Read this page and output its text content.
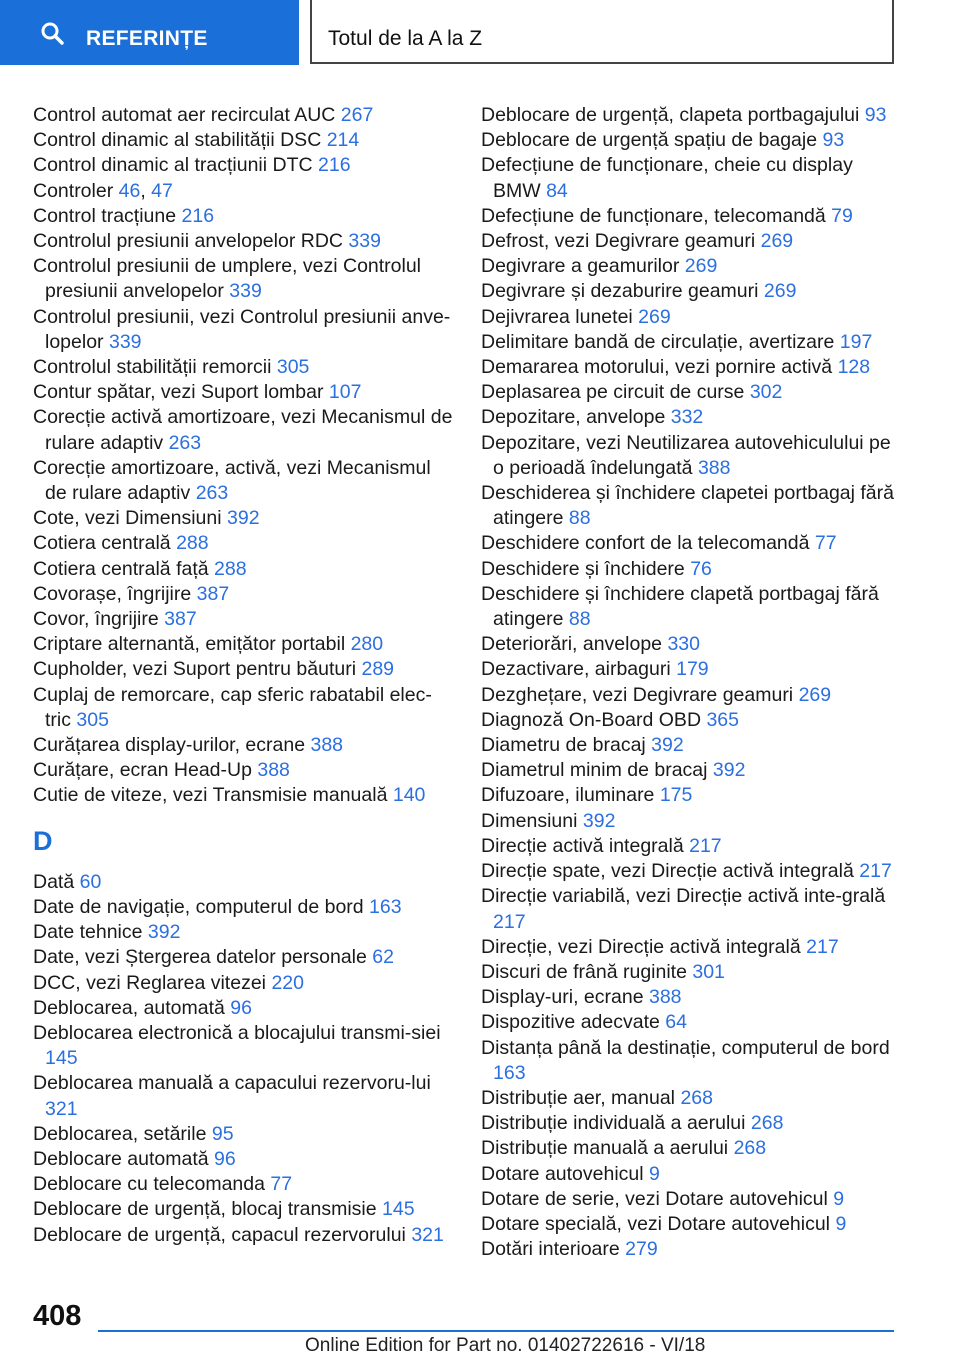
REFERINȚE	Totul de la A la Z
Control automat aer recirculat AUC 267
Control dinamic al stabilității DSC 214
Control dinamic al tracțiunii DTC 216
Controler 46, 47
Control tracțiune 216
Controlul presiunii anvelopelor RDC 339
Controlul presiunii de umplere, vezi Controlul presiunii anvelopelor 339
Controlul presiunii, vezi Controlul presiunii anve-lopelor 339
Controlul stabilității remorcii 305
Contur spătar, vezi Suport lombar 107
Corecție activă amortizoare, vezi Mecanismul de rulare adaptiv 263
Corecție amortizoare, activă, vezi Mecanismul de rulare adaptiv 263
Cote, vezi Dimensiuni 392
Cotiera centrală 288
Cotiera centrală față 288
Covorașe, îngrijire 387
Covor, îngrijire 387
Criptare alternantă, emițător portabil 280
Cupholder, vezi Suport pentru băuturi 289
Cuplaj de remorcare, cap sferic rabatabil elec-tric 305
Curățarea display-urilor, ecrane 388
Curățare, ecran Head-Up 388
Cutie de viteze, vezi Transmisie manuală 140
D
Dată 60
Date de navigație, computerul de bord 163
Date tehnice 392
Date, vezi Ștergerea datelor personale 62
DCC, vezi Reglarea vitezei 220
Deblocarea, automată 96
Deblocarea electronică a blocajului transmi-siei 145
Deblocarea manuală a capacului rezervoru-lui 321
Deblocarea, setările 95
Deblocare automată 96
Deblocare cu telecomanda 77
Deblocare de urgență, blocaj transmisie 145
Deblocare de urgență, capacul rezervorului 321
Deblocare de urgență, clapeta portbagajului 93
Deblocare de urgență spațiu de bagaje 93
Defecțiune de funcționare, cheie cu display BMW 84
Defecțiune de funcționare, telecomandă 79
Defrost, vezi Degivrare geamuri 269
Degivrare a geamurilor 269
Degivrare și dezaburire geamuri 269
Dejivrarea lunetei 269
Delimitare bandă de circulație, avertizare 197
Demararea motorului, vezi pornire activă 128
Deplasarea pe circuit de curse 302
Depozitare, anvelope 332
Depozitare, vezi Neutilizarea autovehiculului pe o perioadă îndelungată 388
Deschiderea și închidere clapetei portbagaj fără atingere 88
Deschidere confort de la telecomandă 77
Deschidere și închidere 76
Deschidere și închidere clapetă portbagaj fără atingere 88
Deteriorări, anvelope 330
Dezactivare, airbaguri 179
Dezghețare, vezi Degivrare geamuri 269
Diagnoză On-Board OBD 365
Diametru de bracaj 392
Diametrul minim de bracaj 392
Difuzoare, iluminare 175
Dimensiuni 392
Direcție activă integrală 217
Direcție spate, vezi Direcție activă integrală 217
Direcție variabilă, vezi Direcție activă inte-grală 217
Direcție, vezi Direcție activă integrală 217
Discuri de frână ruginite 301
Display-uri, ecrane 388
Dispozitive adecvate 64
Distanța până la destinație, computerul de bord 163
Distribuție aer, manual 268
Distribuție individuală a aerului 268
Distribuție manuală a aerului 268
Dotare autovehicul 9
Dotare de serie, vezi Dotare autovehicul 9
Dotare specială, vezi Dotare autovehicul 9
Dotări interioare 279
408
Online Edition for Part no. 01402722616 - VI/18
